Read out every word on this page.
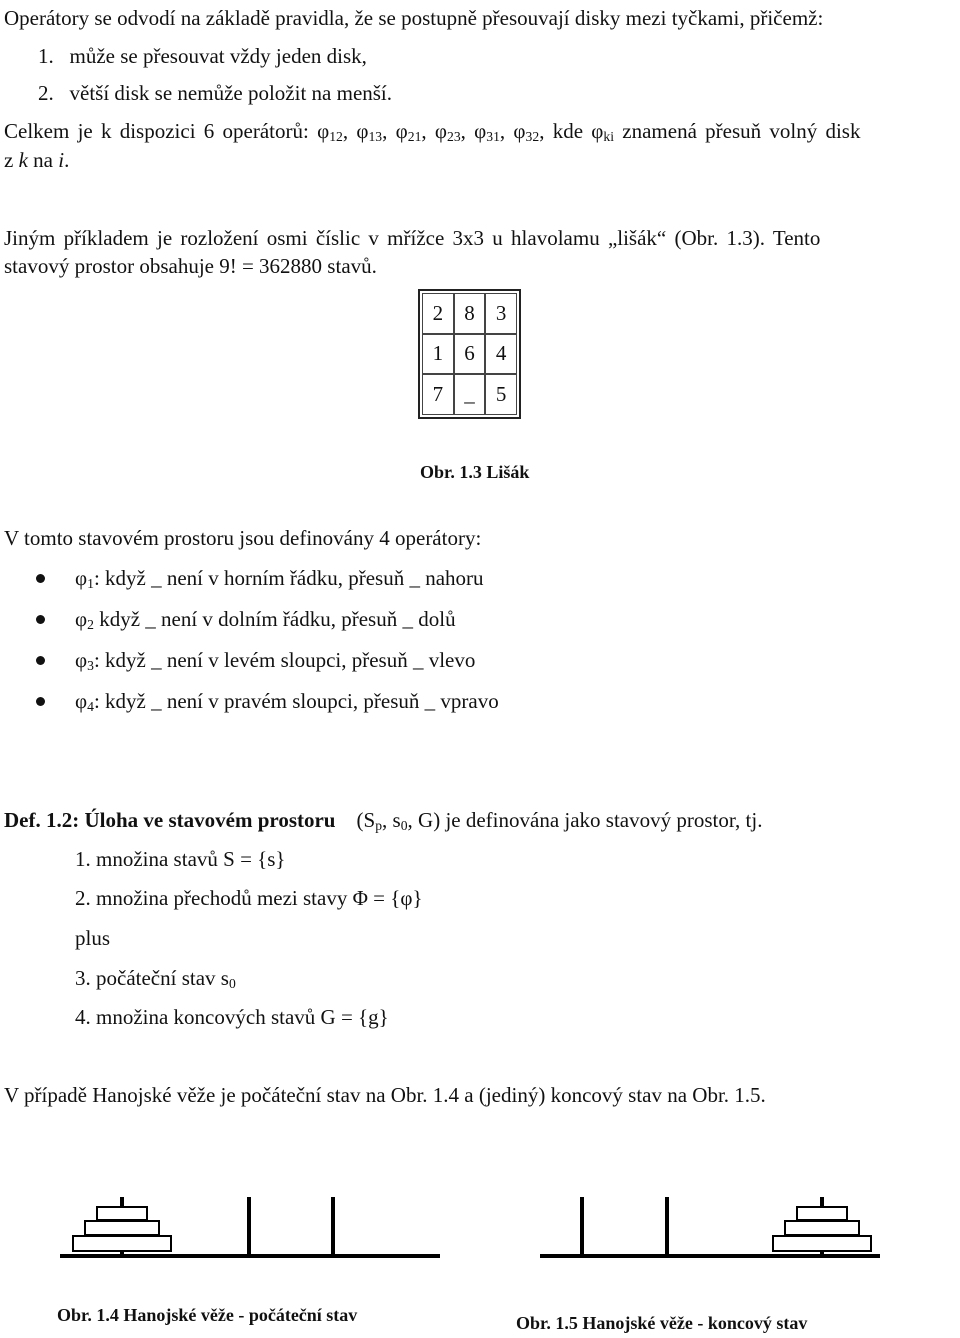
Operátory se odvodí na základě pravidla, že se postupně přesouvají disky mezi tyčkami, přičemž:
1. může se přesouvat vždy jeden disk,
2. větší disk se nemůže položit na menší.
Celkem je k dispozici 6 operátorů: $\varphi_{12}$, $\varphi_{13}$, $\varphi_{21}$, $\varphi_{23}$, $\varphi_{31}$, $\varphi_{32}$, kde $\varphi_{ki}$ znamená přesuň volný disk
z k na i.
Jiným příkladem je rozložení osmi číslic v mřížce 3x3 u hlavolamu „lišák“ (Obr. 1.3). Tento
stavový prostor obsahuje 9! = 362880 stavů.
2	8	3
1	6	4
7	_	5
Obr. 1.3 Lišák
V tomto stavovém prostoru jsou definovány 4 operátory:
$\varphi_1$: když _ není v horním řádku, přesuň _ nahoru
$\varphi_2$ když _ není v dolním řádku, přesuň _ dolů
$\varphi_3$: když _ není v levém sloupci, přesuň _ vlevo
$\varphi_4$: když _ není v pravém sloupci, přesuň _ vpravo
Def. 1.2: Úloha ve stavovém prostoru ($S_p$, $s_0$, G) je definována jako stavový prostor, tj.
1. množina stavů S = {s}
2. množina přechodů mezi stavy Φ = {φ}
plus
3. počáteční stav $s_0$
4. množina koncových stavů G = {g}
V případě Hanojské věže je počáteční stav na Obr. 1.4 a (jediný) koncový stav na Obr. 1.5.
Obr. 1.4 Hanojské věže - počáteční stav	Obr. 1.5 Hanojské věže - koncový stav
